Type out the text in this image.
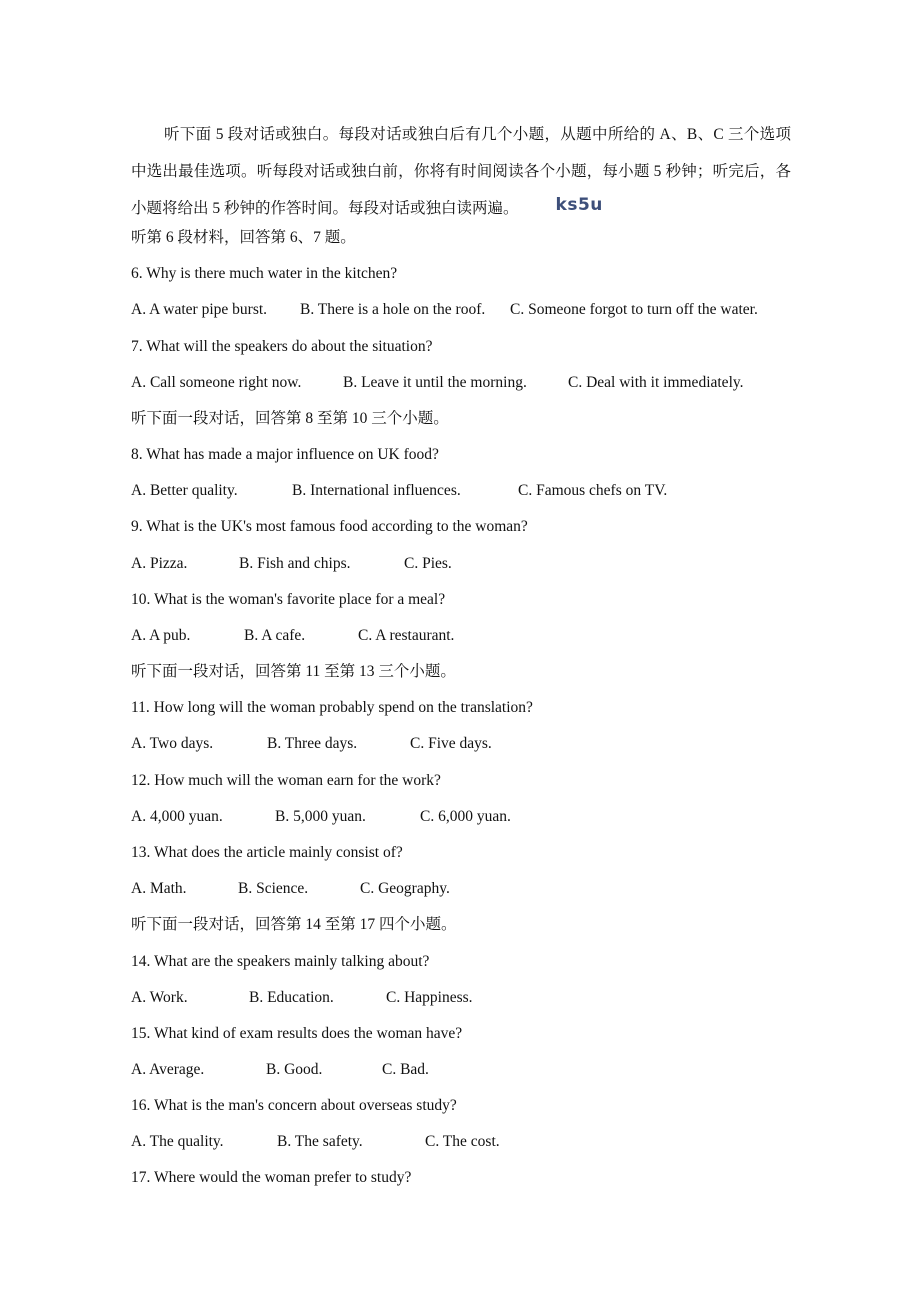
听下面 5 段对话或独白。每段对话或独白后有几个小题，从题中所给的 A、B、C 三个选项中选出最佳选项。听每段对话或独白前，你将有时间阅读各个小题，每小题 5 秒钟；听完后，各小题将给出 5 秒钟的作答时间。每段对话或独白读两遍。 ks5u

听第 6 段材料，回答第 6、7 题。

6. Why is there much water in the kitchen?

A. A water pipe burst. B. There is a hole on the roof. C. Someone forgot to turn off the water.

7. What will the speakers do about the situation?

A. Call someone right now.	B. Leave it until the morning.	C. Deal with it immediately.

听下面一段对话，回答第 8 至第 10 三个小题。

8. What has made a major influence on UK food?

A. Better quality.	B. International influences.	C. Famous chefs on TV.

9. What is the UK's most famous food according to the woman?

A. Pizza.	B. Fish and chips.	C. Pies.

10. What is the woman's favorite place for a meal?

A. A pub.	B. A cafe.	C. A restaurant.

听下面一段对话，回答第 11 至第 13 三个小题。

11. How long will the woman probably spend on the translation?

A. Two days.	B. Three days.	C. Five days.

12. How much will the woman earn for the work?

A. 4,000 yuan.	B. 5,000 yuan.	C. 6,000 yuan.

13. What does the article mainly consist of?

A. Math.	B. Science.	C. Geography.

听下面一段对话，回答第 14 至第 17 四个小题。

14. What are the speakers mainly talking about?

A. Work.	B. Education.	C. Happiness.

15. What kind of exam results does the woman have?

A. Average.	B. Good.	C. Bad.

16. What is the man's concern about overseas study?

A. The quality.	B. The safety.	C. The cost.

17. Where would the woman prefer to study?
